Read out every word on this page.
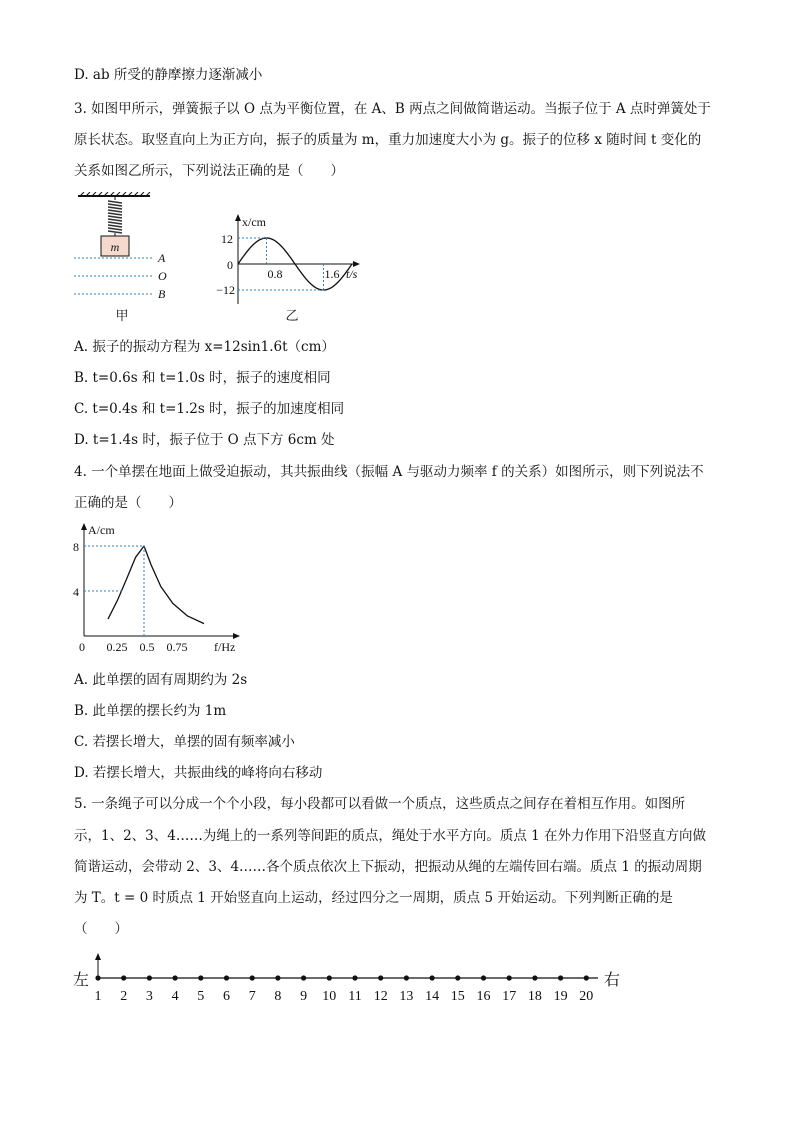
D. ab 所受的静摩擦力逐渐减小
3. 如图甲所示，弹簧振子以 O 点为平衡位置，在 A、B 两点之间做简谐运动。当振子位于 A 点时弹簧处于
原长状态。取竖直向上为正方向，振子的质量为 m，重力加速度大小为 g。振子的位移 x 随时间 t 变化的
关系如图乙所示，下列说法正确的是（　　）
m
A
O
B
甲
x/cm
12
0
−12
0.8	1.6 t/s
乙
A. 振子的振动方程为 x=12sin1.6t（cm）
B. t=0.6s 和 t=1.0s 时，振子的速度相同
C. t=0.4s 和 t=1.2s 时，振子的加速度相同
D. t=1.4s 时，振子位于 O 点下方 6cm 处
4. 一个单摆在地面上做受迫振动，其共振曲线（振幅 A 与驱动力频率 f 的关系）如图所示，则下列说法不
正确的是（　　）
A/cm
8
4
0 0.25 0.5 0.75 f/Hz
A. 此单摆的固有周期约为 2s
B. 此单摆的摆长约为 1m
C. 若摆长增大，单摆的固有频率减小
D. 若摆长增大，共振曲线的峰将向右移动
5. 一条绳子可以分成一个个小段，每小段都可以看做一个质点，这些质点之间存在着相互作用。如图所
示，1、2、3、4……为绳上的一系列等间距的质点，绳处于水平方向。质点 1 在外力作用下沿竖直方向做
简谐运动，会带动 2、3、4……各个质点依次上下振动，把振动从绳的左端传回右端。质点 1 的振动周期
为 T。t = 0 时质点 1 开始竖直向上运动，经过四分之一周期，质点 5 开始运动。下列判断正确的是
（　　）
左	右
1 2 3 4 5 6 7 8 9 10 11 12 13 14 15 16 17 18 19 20
